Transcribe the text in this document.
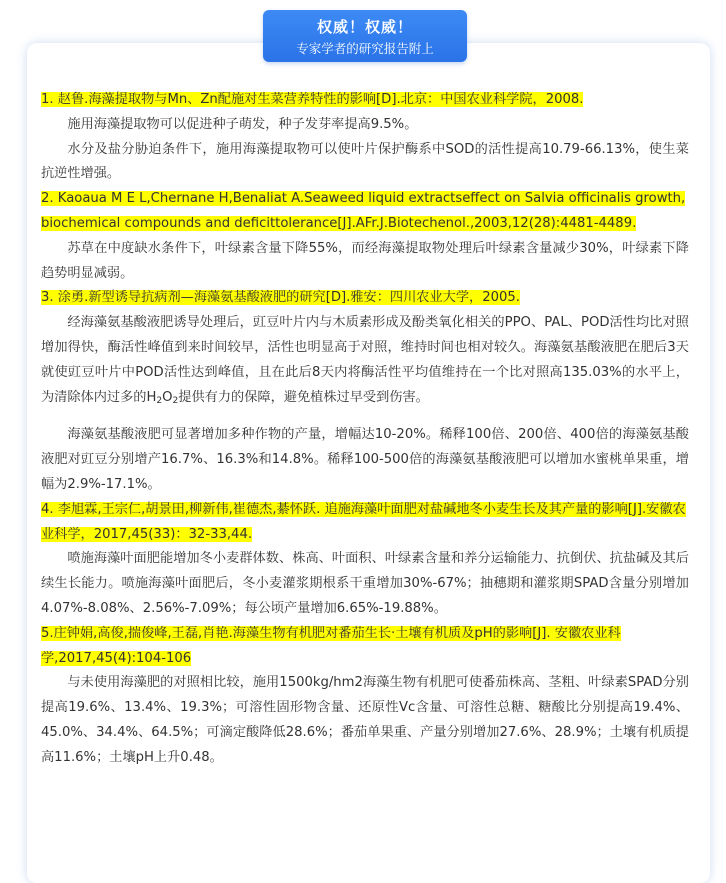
权威！权威！
专家学者的研究报告附上

1. 赵鲁.海藻提取物与Mn、Zn配施对生菜营养特性的影响[D].北京：中国农业科学院，2008.

施用海藻提取物可以促进种子萌发，种子发芽率提高9.5%。

水分及盐分胁迫条件下，施用海藻提取物可以使叶片保护酶系中SOD的活性提高10.79-66.13%，使生菜抗逆性增强。

2. Kaoaua M E L,Chernane H,Benaliat A.Seaweed liquid extractseffect on Salvia officinalis growth, biochemical compounds and deficittolerance[J].AFr.J.Biotechenol.,2003,12(28):4481-4489.

苏草在中度缺水条件下，叶绿素含量下降55%，而经海藻提取物处理后叶绿素含量减少30%，叶绿素下降趋势明显减弱。

3. 涂勇.新型诱导抗病剂—海藻氨基酸液肥的研究[D].雅安：四川农业大学，2005.

经海藻氨基酸液肥诱导处理后，豇豆叶片内与木质素形成及酚类氧化相关的PPO、PAL、POD活性均比对照增加得快，酶活性峰值到来时间较早，活性也明显高于对照，维持时间也相对较久。海藻氨基酸液肥在肥后3天就使豇豆叶片中POD活性达到峰值，且在此后8天内将酶活性平均值维持在一个比对照高135.03%的水平上，为清除体内过多的$H_2O_2$提供有力的保障，避免植株过早受到伤害。

海藻氨基酸液肥可显著增加多种作物的产量，增幅达10-20%。稀释100倍、200倍、400倍的海藻氨基酸液肥对豇豆分别增产16.7%、16.3%和14.8%。稀释100-500倍的海藻氨基酸液肥可以增加水蜜桃单果重，增幅为2.9%-17.1%。

4. 李旭霖,王宗仁,胡景田,柳新伟,崔德杰,綦怀跃. 追施海藻叶面肥对盐碱地冬小麦生长及其产量的影响[J].安徽农业科学，2017,45(33)：32-33,44.

喷施海藻叶面肥能增加冬小麦群体数、株高、叶面积、叶绿素含量和养分运输能力、抗倒伏、抗盐碱及其后续生长能力。喷施海藻叶面肥后，冬小麦灌浆期根系干重增加30%-67%；抽穗期和灌浆期SPAD含量分别增加4.07%-8.08%、2.56%-7.09%；每公顷产量增加6.65%-19.88%。

5.庄钟娟,高俊,揣俊峰,王磊,肖艳.海藻生物有机肥对番茄生长·土壤有机质及pH的影响[J]. 安徽农业科学,2017,45(4):104-106

与未使用海藻肥的对照相比较，施用1500kg/hm2海藻生物有机肥可使番茄株高、茎粗、叶绿素SPAD分别提高19.6%、13.4%、19.3%；可溶性固形物含量、还原性Vc含量、可溶性总糖、糖酸比分别提高19.4%、45.0%、34.4%、64.5%；可滴定酸降低28.6%；番茄单果重、产量分别增加27.6%、28.9%；土壤有机质提高11.6%；土壤pH上升0.48。
